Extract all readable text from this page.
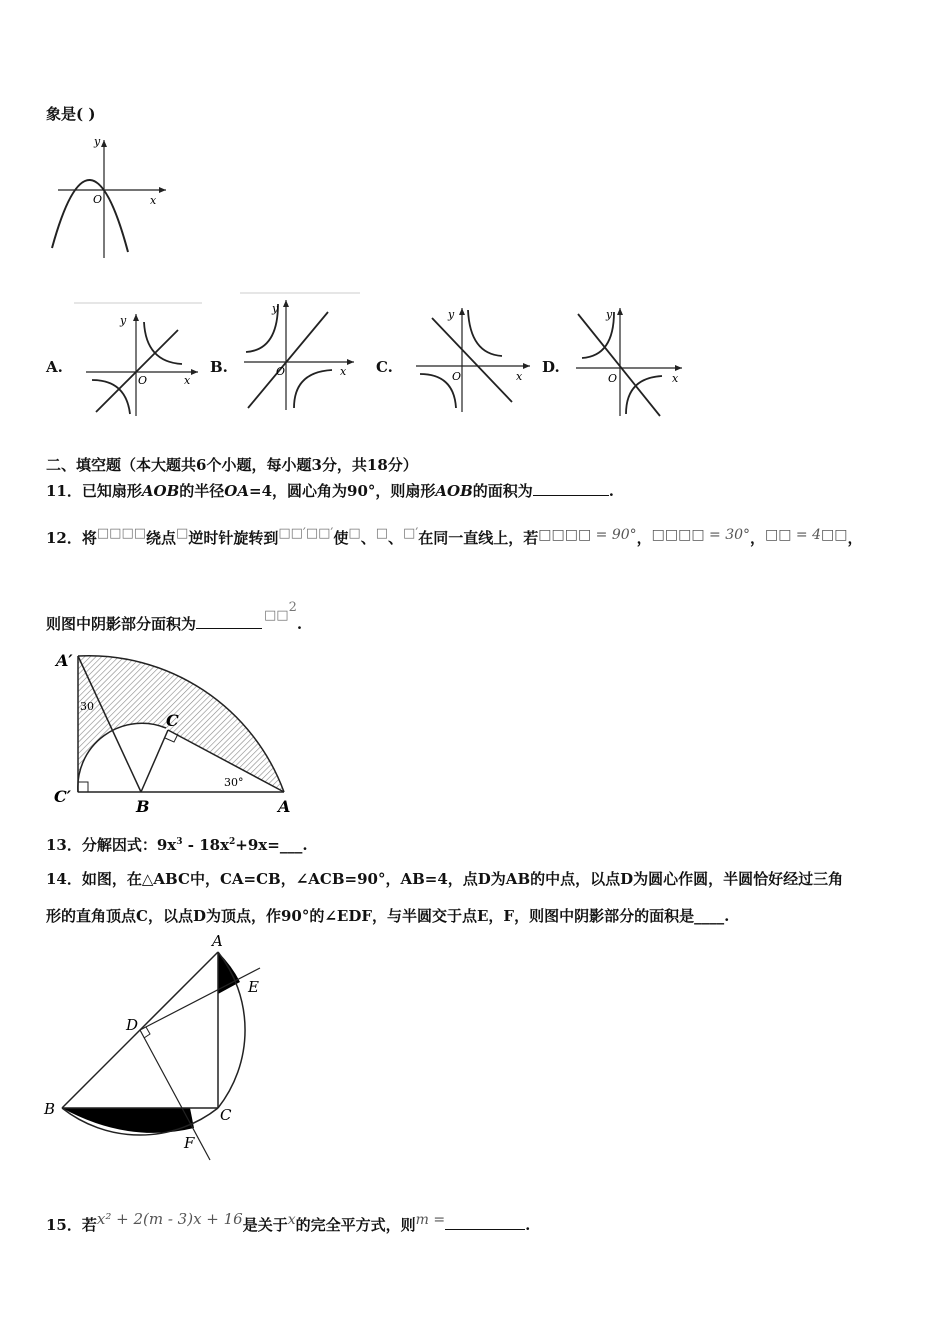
象是( )
y
x
O
A.
y
x
O
B.
y
x
O	C.
y
x
O
D.
y
x
O
二、填空题（本大题共6个小题，每小题3分，共18分）
11．已知扇形AOB的半径OA=4，圆心角为90°，则扇形AOB的面积为	.
12．将□□□□绕点□逆时针旋转到□□′□□′使□、□、□′在同一直线上，若□□□□ = 90°，□□□□ = 30°，□□ = 4□□，
则图中阴影部分面积为	□□$^2$.
A′
C′
B
C
A
30
30°
13．分解因式：$9x^3$ - $18x^2+9x=\_\_\_$.
14．如图，在△ABC中，CA=CB，∠ACB=90°，AB=4，点D为AB的中点，以点D为圆心作圆，半圆恰好经过三角
形的直角顶点C，以点D为顶点，作90°的∠EDF，与半圆交于点E，F，则图中阴影部分的面积是____.
A
E
D
B	C
F
15．若x² + 2(m - 3)x + 16是关于x的完全平方式，则m =	.
